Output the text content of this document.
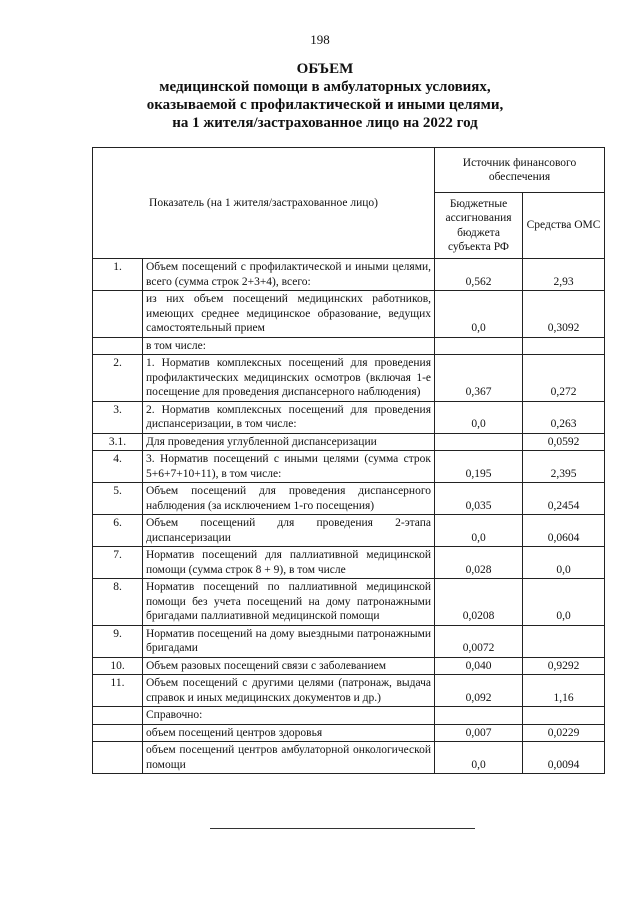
198
ОБЪЕМ
медицинской помощи в амбулаторных условиях,
оказываемой с профилактической и иными целями,
на 1 жителя/застрахованное лицо на 2022 год
Показатель (на 1 жителя/застрахованное лицо)		Источник финансового обеспечения	
		Бюджетные ассигнования бюджета субъекта РФ	Средства ОМС
1.	Объем посещений с профилактической и иными целями, всего (сумма строк 2+3+4), всего:	0,562	2,93
	из них объем посещений медицинских работников, имеющих среднее медицинское образование, ведущих самостоятельный прием	0,0	0,3092
	в том числе:		
2.	1. Норматив комплексных посещений для проведения профилактических медицинских осмотров (включая 1-е посещение для проведения диспансерного наблюдения)	0,367	0,272
3.	2. Норматив комплексных посещений для проведения диспансеризации, в том числе:	0,0	0,263
3.1.	Для проведения углубленной диспансеризации		0,0592
4.	3. Норматив посещений с иными целями (сумма строк 5+6+7+10+11), в том числе:	0,195	2,395
5.	Объем посещений для проведения диспансерного наблюдения (за исключением 1-го посещения)	0,035	0,2454
6.	Объем посещений для проведения 2-этапа диспансеризации	0,0	0,0604
7.	Норматив посещений для паллиативной медицинской помощи (сумма строк 8 + 9), в том числе	0,028	0,0
8.	Норматив посещений по паллиативной медицинской помощи без учета посещений на дому патронажными бригадами паллиативной медицинской помощи	0,0208	0,0
9.	Норматив посещений на дому выездными патронажными бригадами	0,0072	
10.	Объем разовых посещений связи с заболеванием	0,040	0,9292
11.	Объем посещений с другими целями (патронаж, выдача справок и иных медицинских документов и др.)	0,092	1,16
	Справочно:		
	объем посещений центров здоровья	0,007	0,0229
	объем посещений центров амбулаторной онкологической помощи	0,0	0,0094
